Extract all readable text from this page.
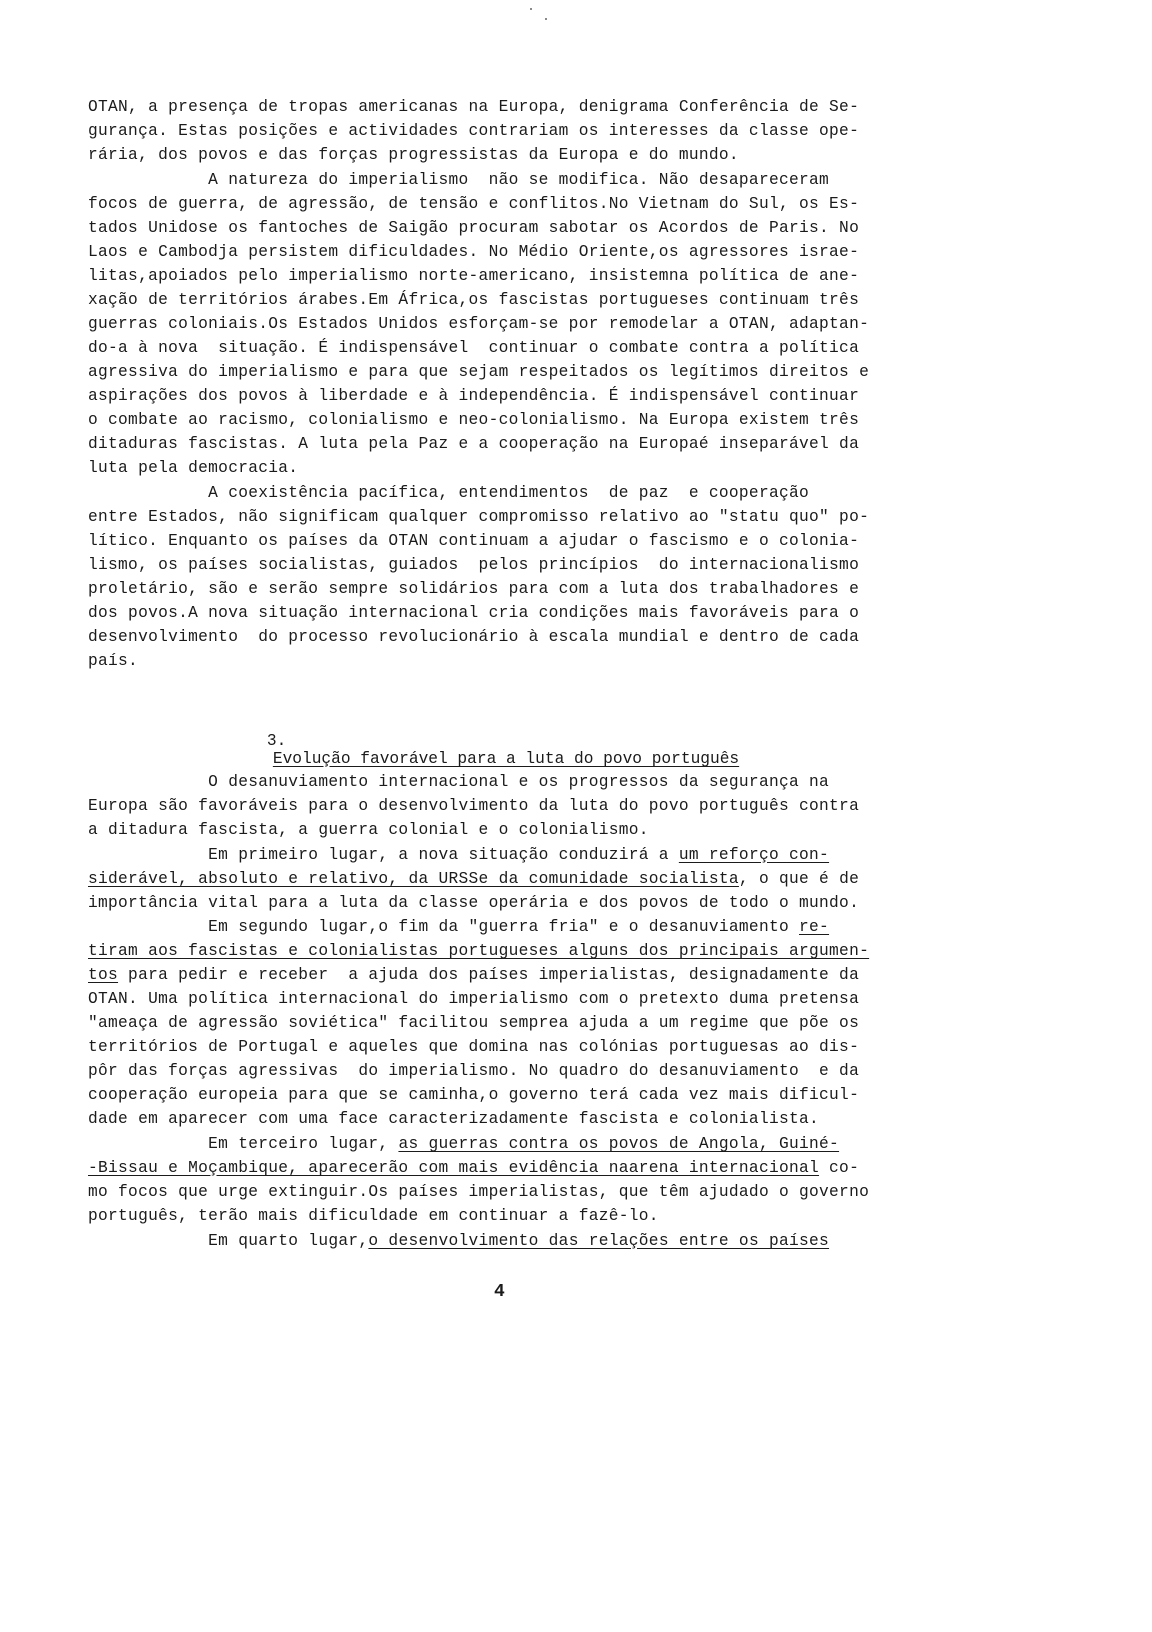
OTAN, a presença de tropas americanas na Europa, denigrama Conferência de Se-
gurança. Estas posições e actividades contrariam os interesses da classe ope-
rária, dos povos e das forças progressistas da Europa e do mundo.
A natureza do imperialismo  não se modifica. Não desapareceram
focos de guerra, de agressão, de tensão e conflitos.No Vietnam do Sul, os Es-
tados Unidose os fantoches de Saigão procuram sabotar os Acordos de Paris. No
Laos e Cambodja persistem dificuldades. No Médio Oriente,os agressores israe-
litas,apoiados pelo imperialismo norte-americano, insistemna política de ane-
xação de territórios árabes.Em África,os fascistas portugueses continuam três
guerras coloniais.Os Estados Unidos esforçam-se por remodelar a OTAN, adaptan-
do-a à nova  situação. É indispensável  continuar o combate contra a política
agressiva do imperialismo e para que sejam respeitados os legítimos direitos e
aspirações dos povos à liberdade e à independência. É indispensável continuar
o combate ao racismo, colonialismo e neo-colonialismo. Na Europa existem três
ditaduras fascistas. A luta pela Paz e a cooperação na Europaé inseparável da
luta pela democracia.
A coexistência pacífica, entendimentos  de paz  e cooperação
entre Estados, não significam qualquer compromisso relativo ao "statu quo" po-
lítico. Enquanto os países da OTAN continuam a ajudar o fascismo e o colonia-
lismo, os países socialistas, guiados  pelos princípios  do internacionalismo
proletário, são e serão sempre solidários para com a luta dos trabalhadores e
dos povos.A nova situação internacional cria condições mais favoráveis para o
desenvolvimento  do processo revolucionário à escala mundial e dentro de cada
país.

3.
Evolução favorável para a luta do povo português

O desanuviamento internacional e os progressos da segurança na
Europa são favoráveis para o desenvolvimento da luta do povo português contra
a ditadura fascista, a guerra colonial e o colonialismo.
Em primeiro lugar, a nova situação conduzirá a um reforço con-
siderável, absoluto e relativo, da URSSe da comunidade socialista, o que é de
importância vital para a luta da classe operária e dos povos de todo o mundo.
Em segundo lugar,o fim da "guerra fria" e o desanuviamento re-
tiram aos fascistas e colonialistas portugueses alguns dos principais argumen-
tos para pedir e receber  a ajuda dos países imperialistas, designadamente da
OTAN. Uma política internacional do imperialismo com o pretexto duma pretensa
"ameaça de agressão soviética" facilitou semprea ajuda a um regime que põe os
territórios de Portugal e aqueles que domina nas colónias portuguesas ao dis-
pôr das forças agressivas  do imperialismo. No quadro do desanuviamento  e da
cooperação europeia para que se caminha,o governo terá cada vez mais dificul-
dade em aparecer com uma face caracterizadamente fascista e colonialista.
Em terceiro lugar, as guerras contra os povos de Angola, Guiné-
-Bissau e Moçambique, aparecerão com mais evidência naarena internacional co-
mo focos que urge extinguir.Os países imperialistas, que têm ajudado o governo
português, terão mais dificuldade em continuar a fazê-lo.
Em quarto lugar,o desenvolvimento das relações entre os países
4
